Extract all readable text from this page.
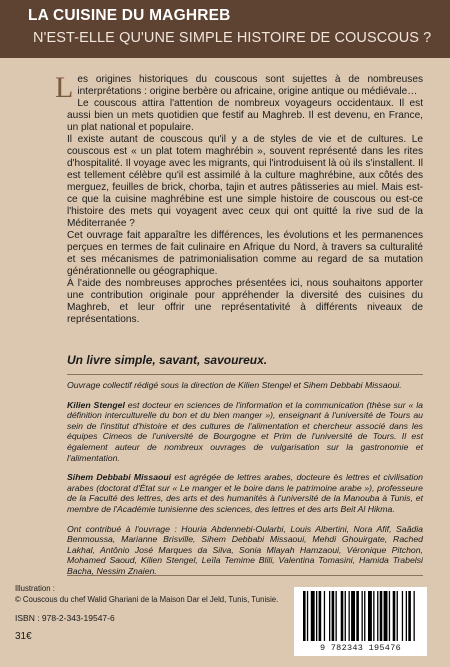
LA CUISINE DU MAGHREB
N'EST-ELLE QU'UNE SIMPLE HISTOIRE DE COUSCOUS ?

Les origines historiques du couscous sont sujettes à de nombreuses interprétations : origine berbère ou africaine, origine antique ou médiévale…

Le couscous attira l'attention de nombreux voyageurs occidentaux. Il est aussi bien un mets quotidien que festif au Maghreb. Il est devenu, en France, un plat national et populaire.

Il existe autant de couscous qu'il y a de styles de vie et de cultures. Le couscous est « un plat totem maghrébin », souvent représenté dans les rites d'hospitalité. Il voyage avec les migrants, qui l'introduisent là où ils s'installent. Il est tellement célèbre qu'il est assimilé à la culture maghrébine, aux côtés des merguez, feuilles de brick, chorba, tajin et autres pâtisseries au miel. Mais est-ce que la cuisine maghrébine est une simple histoire de couscous ou est-ce l'histoire des mets qui voyagent avec ceux qui ont quitté la rive sud de la Méditerranée ?

Cet ouvrage fait apparaître les différences, les évolutions et les permanences perçues en termes de fait culinaire en Afrique du Nord, à travers sa culturalité et ses mécanismes de patrimonialisation comme au regard de sa mutation générationnelle ou géographique.

À l'aide des nombreuses approches présentées ici, nous souhaitons apporter une contribution originale pour appréhender la diversité des cuisines du Maghreb, et leur offrir une représentativité à différents niveaux de représentations.

Un livre simple, savant, savoureux.

Ouvrage collectif rédigé sous la direction de Kilien Stengel et Sihem Debbabi Missaoui.

Kilien Stengel est docteur en sciences de l'information et la communication (thèse sur « la définition interculturelle du bon et du bien manger »), enseignant à l'université de Tours au sein de l'institut d'histoire et des cultures de l'alimentation et chercheur associé dans les équipes Cimeos de l'université de Bourgogne et Prim de l'université de Tours. Il est également auteur de nombreux ouvrages de vulgarisation sur la gastronomie et l'alimentation.

Sihem Debbabi Missaoui est agrégée de lettres arabes, docteure ès lettres et civilisation arabes (doctorat d'État sur « Le manger et le boire dans le patrimoine arabe »), professeure de la Faculté des lettres, des arts et des humanités à l'université de la Manouba à Tunis, et membre de l'Académie tunisienne des sciences, des lettres et des arts Beit Al Hikma.

Ont contribué à l'ouvrage : Houria Abdennebi-Oularbi, Louis Albertini, Nora Afif, Saâdia Benmoussa, Marianne Brisville, Sihem Debbabi Missaoui, Mehdi Ghouirgate, Rached Lakhal, Antônio José Marques da Silva, Sonia Mlayah Hamzaoui, Véronique Pitchon, Mohamed Saoud, Kilien Stengel, Leïla Temime Blili, Valentina Tomasini, Hamida Trabelsi Bacha, Nessim Znaien.

Illustration :
© Couscous du chef Walid Ghariani de la Maison Dar el Jeld, Tunis, Tunisie.
ISBN : 978-2-343-19547-6
31€
9 782343 195476
